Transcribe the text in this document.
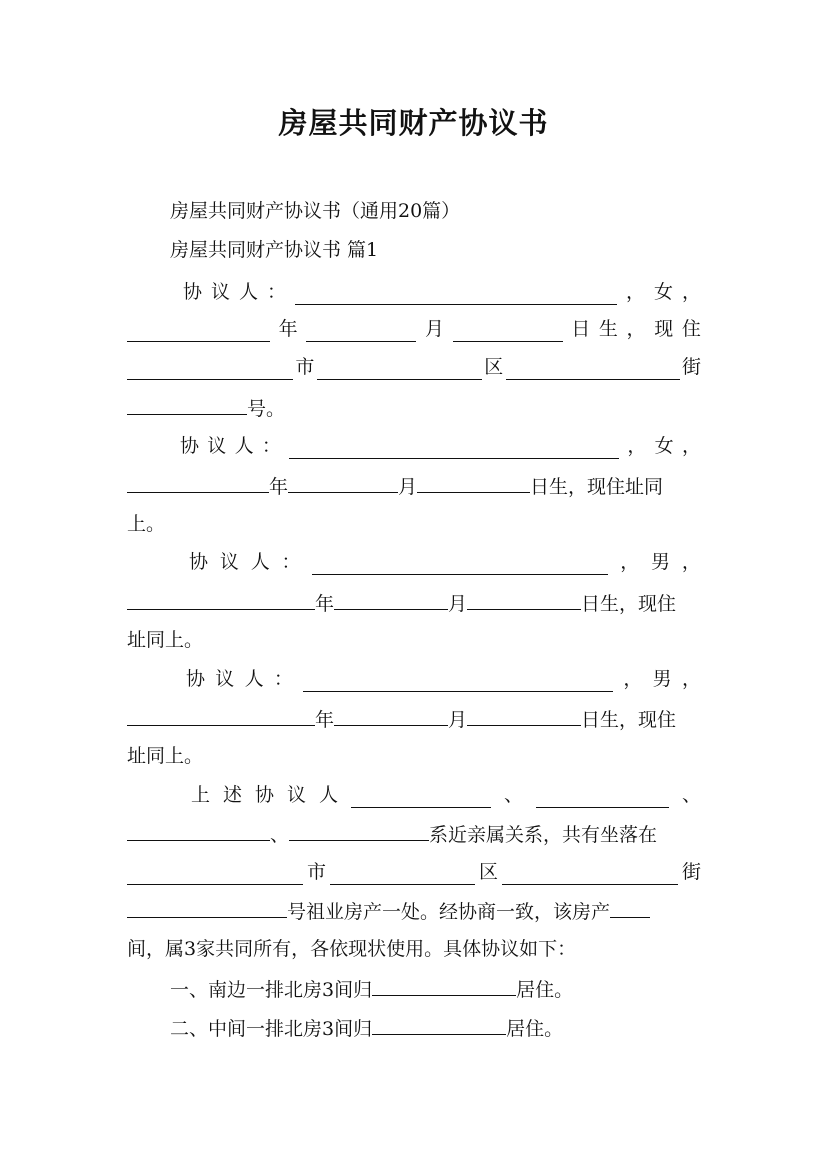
房屋共同财产协议书
房屋共同财产协议书（通用20篇）
房屋共同财产协议书 篇1
协 议 人 ：	， 女 ，
年	月	日 生 ， 现 住
市	区	街
号。
协 议 人 ：	， 女 ，
年	月	日生，现住址同
上。
协 议 人 ：	， 男 ，
年	月	日生，现住
址同上。
协 议 人 ：	， 男 ，
年	月	日生，现住
址同上。
上 述 协 议 人	、	、
、	系近亲属关系，共有坐落在
市	区	街
号祖业房产一处。经协商一致，该房产
间，属3家共同所有，各依现状使用。具体协议如下：
一、南边一排北房3间归	居住。
二、中间一排北房3间归	居住。
